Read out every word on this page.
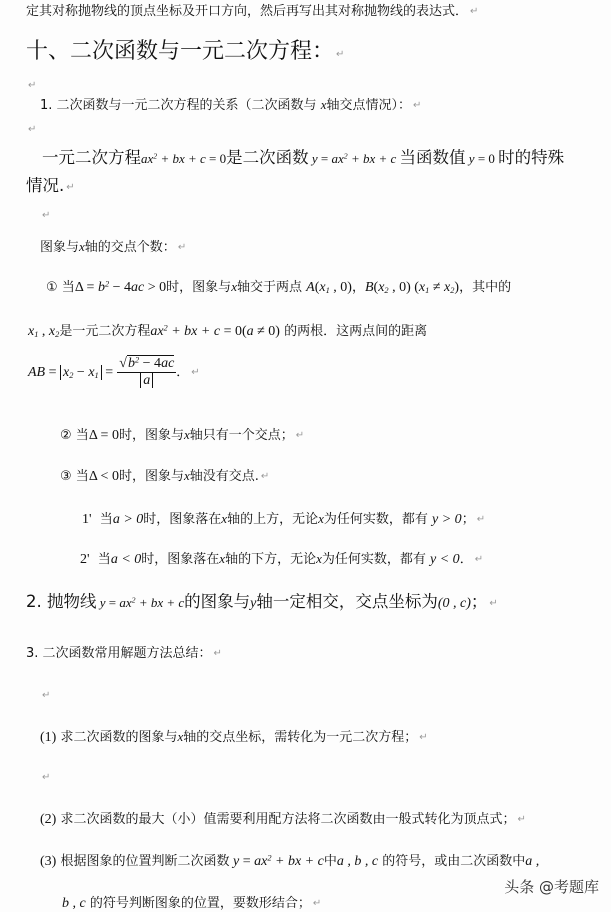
定其对称抛物线的顶点坐标及开口方向，然后再写出其对称抛物线的表达式． ↵
十、二次函数与一元二次方程： ↵
↵
1. 二次函数与一元二次方程的关系（二次函数与 x轴交点情况）： ↵
↵
一元二次方程$ax^2$ + bx + c = 0是二次函数 $y = ax^2$ + bx + c 当函数值 y = 0 时的特殊
情况. ↵
↵
图象与x轴的交点个数： ↵
① 当$\Delta = b^2 - 4ac > 0$时，图象与x轴交于两点 $A(x_1$ , 0)，$B(x_2$ , 0) $(x_1 \ne x_2)$，其中的
$x_1$ , $x_2$是一元二次方程$ax^2$ + bx + c = 0(a ≠ 0) 的两根．这两点间的距离
AB = $x_2 - x_1 = \frac{√b^2 - 4ac}{a}$ ． ↵
② 当Δ = 0时，图象与x轴只有一个交点； ↵
③ 当Δ < 0时，图象与x轴没有交点. ↵
1' 当a > 0时，图象落在x轴的上方，无论x为任何实数，都有 y > 0； ↵
2' 当a < 0时，图象落在x轴的下方，无论x为任何实数，都有 y < 0． ↵
2. 抛物线 $y = ax^2$ + bx + c的图象与y轴一定相交，交点坐标为(0 , c)； ↵
3. 二次函数常用解题方法总结： ↵
↵
(1) 求二次函数的图象与x轴的交点坐标，需转化为一元二次方程； ↵
↵
(2) 求二次函数的最大（小）值需要利用配方法将二次函数由一般式转化为顶点式； ↵
(3) 根据图象的位置判断二次函数 $y = ax^2$ + bx + c中a , b , c 的符号，或由二次函数中a ,
b , c 的符号判断图象的位置，要数形结合； ↵
头条 @考题库
